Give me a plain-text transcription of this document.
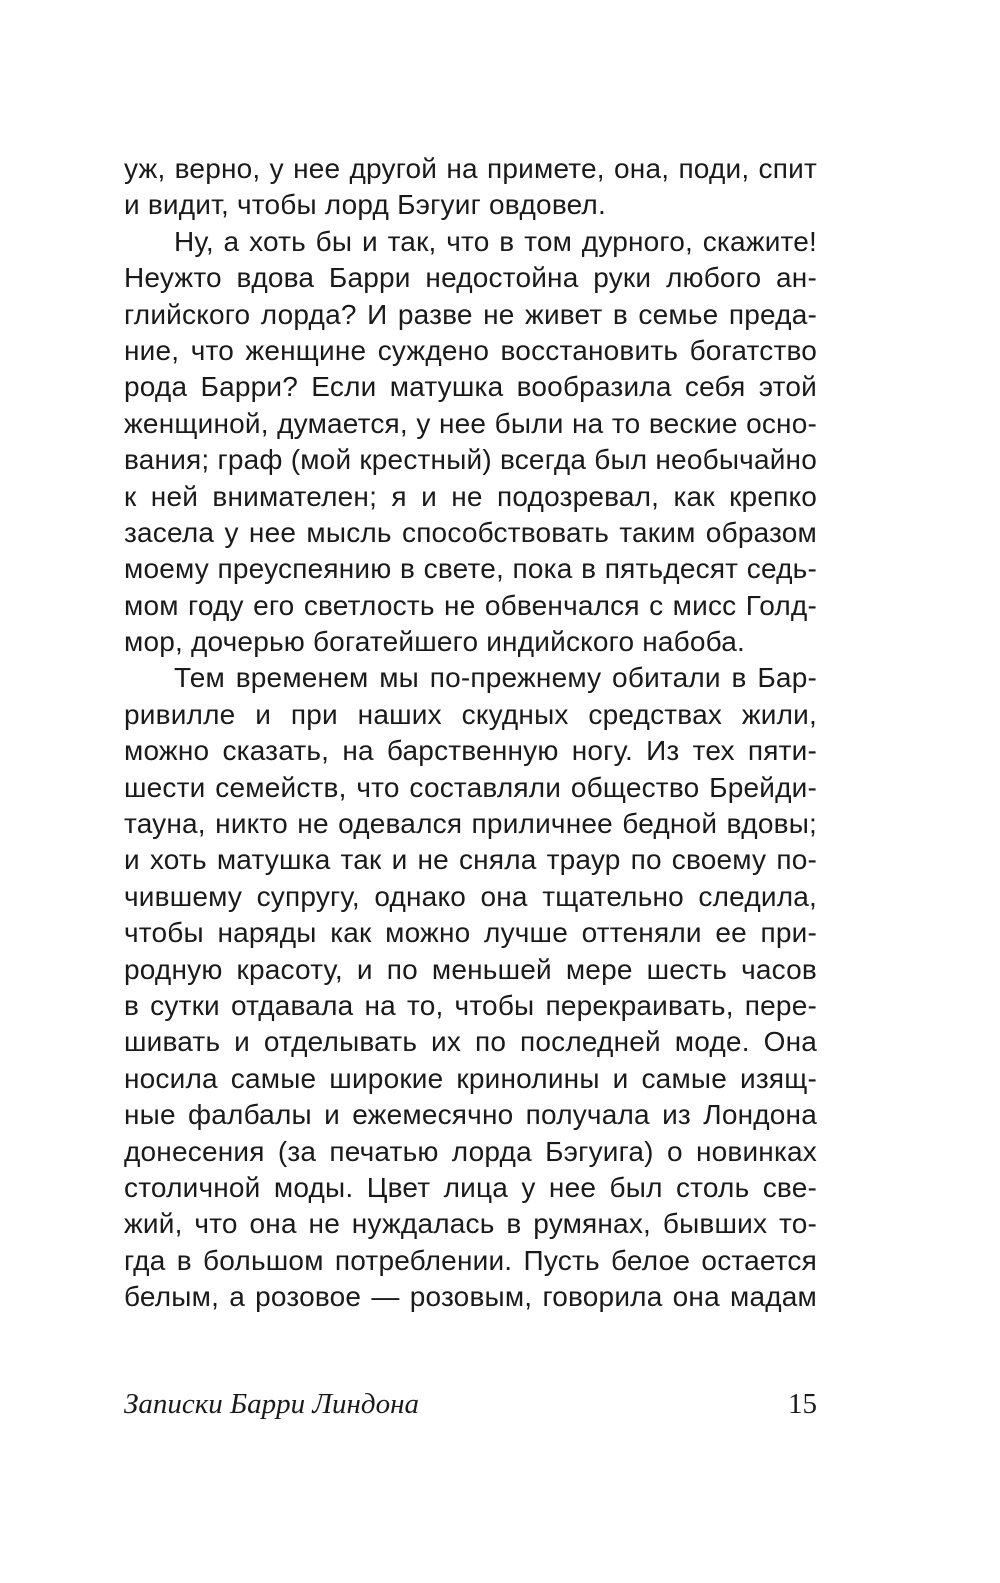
уж, верно, у нее другой на примете, она, поди, спит
и видит, чтобы лорд Бэгуиг овдовел.
Ну, а хоть бы и так, что в том дурного, скажите!
Неужто вдова Барри недостойна руки любого ан-
глийского лорда? И разве не живет в семье преда-
ние, что женщине суждено восстановить богатство
рода Барри? Если матушка вообразила себя этой
женщиной, думается, у нее были на то веские осно-
вания; граф (мой крестный) всегда был необычайно
к ней внимателен; я и не подозревал, как крепко
засела у нее мысль способствовать таким образом
моему преуспеянию в свете, пока в пятьдесят седь-
мом году его светлость не обвенчался с мисс Голд-
мор, дочерью богатейшего индийского набоба.
Тем временем мы по-прежнему обитали в Бар-
ривилле и при наших скудных средствах жили,
можно сказать, на барственную ногу. Из тех пяти-
шести семейств, что составляли общество Брейди-
тауна, никто не одевался приличнее бедной вдовы;
и хоть матушка так и не сняла траур по своему по-
чившему супругу, однако она тщательно следила,
чтобы наряды как можно лучше оттеняли ее при-
родную красоту, и по меньшей мере шесть часов
в сутки отдавала на то, чтобы перекраивать, пере-
шивать и отделывать их по последней моде. Она
носила самые широкие кринолины и самые изящ-
ные фалбалы и ежемесячно получала из Лондона
донесения (за печатью лорда Бэгуига) о новинках
столичной моды. Цвет лица у нее был столь све-
жий, что она не нуждалась в румянах, бывших то-
гда в большом потреблении. Пусть белое остается
белым, а розовое — розовым, говорила она мадам
Записки Барри Линдона	15
